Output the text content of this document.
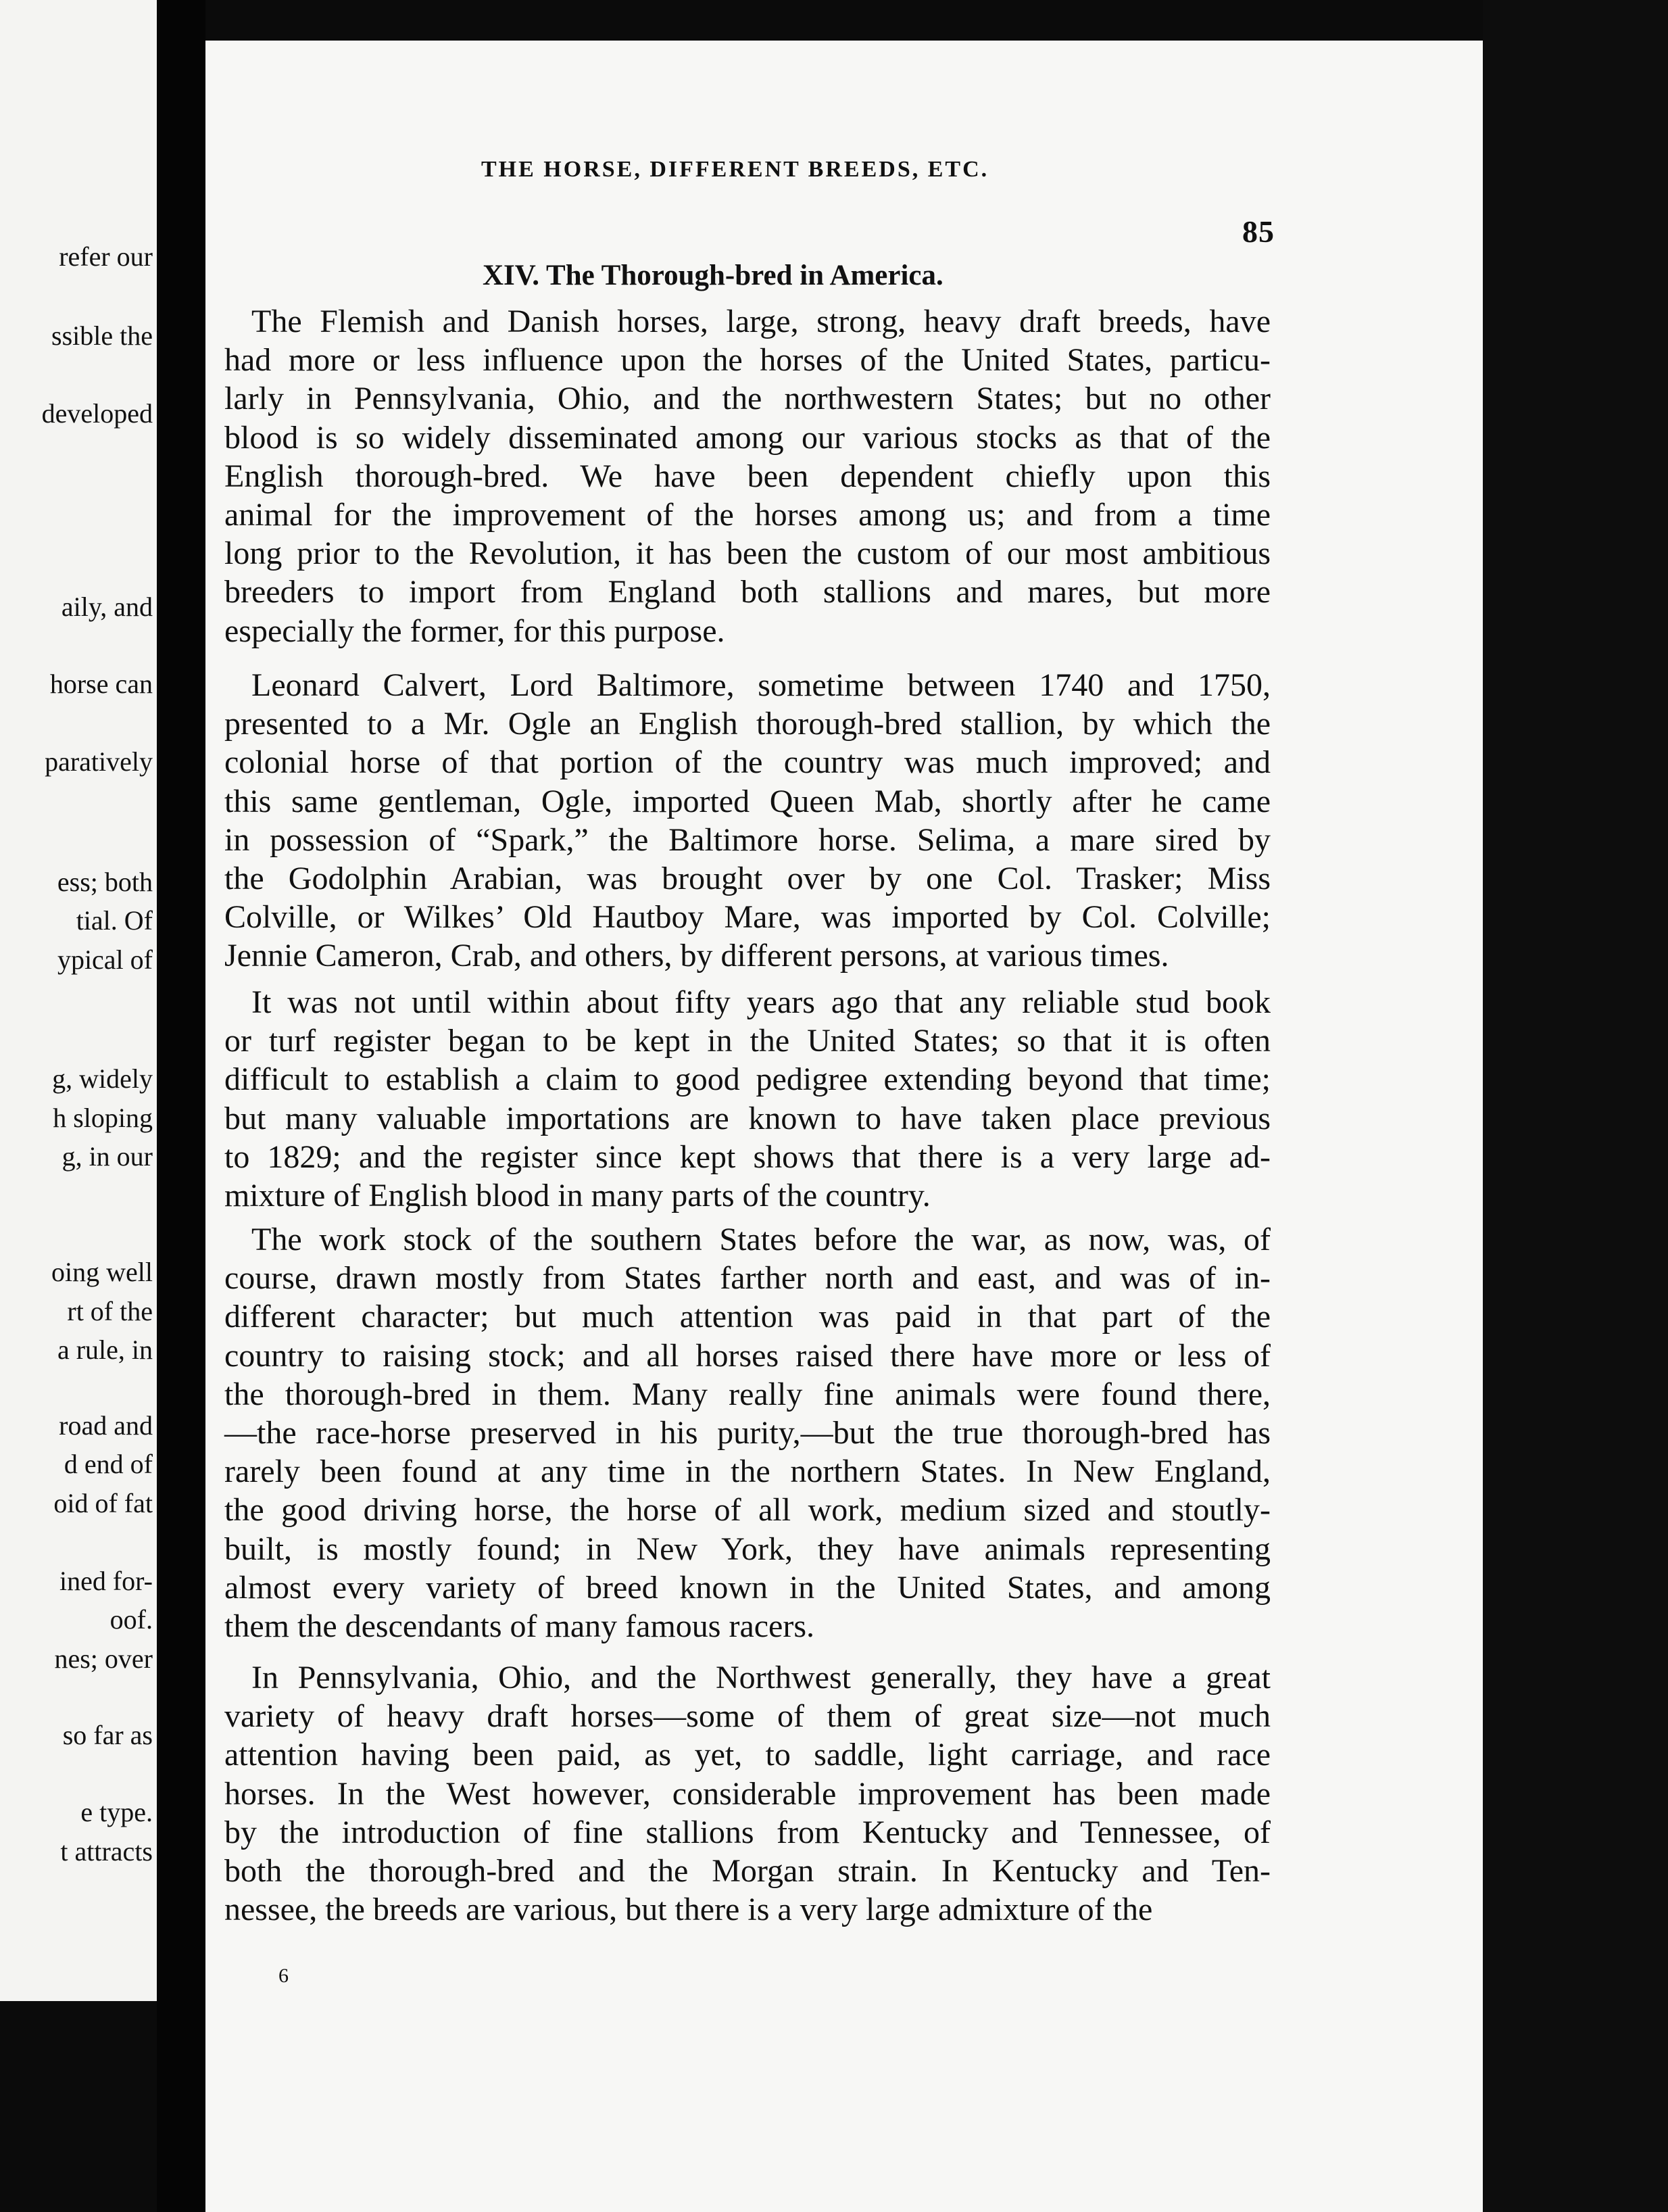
refer our
ssible the
developed
aily, and
horse can
paratively
ess; both
tial. Of
ypical of
g, widely
h sloping
g, in our
oing well
rt of the
a rule, in
road and
d end of
oid of fat
ined for-
oof.
nes; over
so far as
e type.
t attracts
THE HORSE, DIFFERENT BREEDS, ETC.
85
XIV. The Thorough-bred in America.
The Flemish and Danish horses, large, strong, heavy draft breeds, have
had more or less influence upon the horses of the United States, particu-
larly in Pennsylvania, Ohio, and the northwestern States; but no other
blood is so widely disseminated among our various stocks as that of the
English thorough-bred. We have been dependent chiefly upon this
animal for the improvement of the horses among us; and from a time
long prior to the Revolution, it has been the custom of our most ambitious
breeders to import from England both stallions and mares, but more
especially the former, for this purpose.
Leonard Calvert, Lord Baltimore, sometime between 1740 and 1750,
presented to a Mr. Ogle an English thorough-bred stallion, by which the
colonial horse of that portion of the country was much improved; and
this same gentleman, Ogle, imported Queen Mab, shortly after he came
in possession of “Spark,” the Baltimore horse. Selima, a mare sired by
the Godolphin Arabian, was brought over by one Col. Trasker; Miss
Colville, or Wilkes’ Old Hautboy Mare, was imported by Col. Colville;
Jennie Cameron, Crab, and others, by different persons, at various times.
It was not until within about fifty years ago that any reliable stud book
or turf register began to be kept in the United States; so that it is often
difficult to establish a claim to good pedigree extending beyond that time;
but many valuable importations are known to have taken place previous
to 1829; and the register since kept shows that there is a very large ad-
mixture of English blood in many parts of the country.
The work stock of the southern States before the war, as now, was, of
course, drawn mostly from States farther north and east, and was of in-
different character; but much attention was paid in that part of the
country to raising stock; and all horses raised there have more or less of
the thorough-bred in them. Many really fine animals were found there,
—the race-horse preserved in his purity,—but the true thorough-bred has
rarely been found at any time in the northern States. In New England,
the good driving horse, the horse of all work, medium sized and stoutly-
built, is mostly found; in New York, they have animals representing
almost every variety of breed known in the United States, and among
them the descendants of many famous racers.
In Pennsylvania, Ohio, and the Northwest generally, they have a great
variety of heavy draft horses—some of them of great size—not much
attention having been paid, as yet, to saddle, light carriage, and race
horses. In the West however, considerable improvement has been made
by the introduction of fine stallions from Kentucky and Tennessee, of
both the thorough-bred and the Morgan strain. In Kentucky and Ten-
nessee, the breeds are various, but there is a very large admixture of the
6
